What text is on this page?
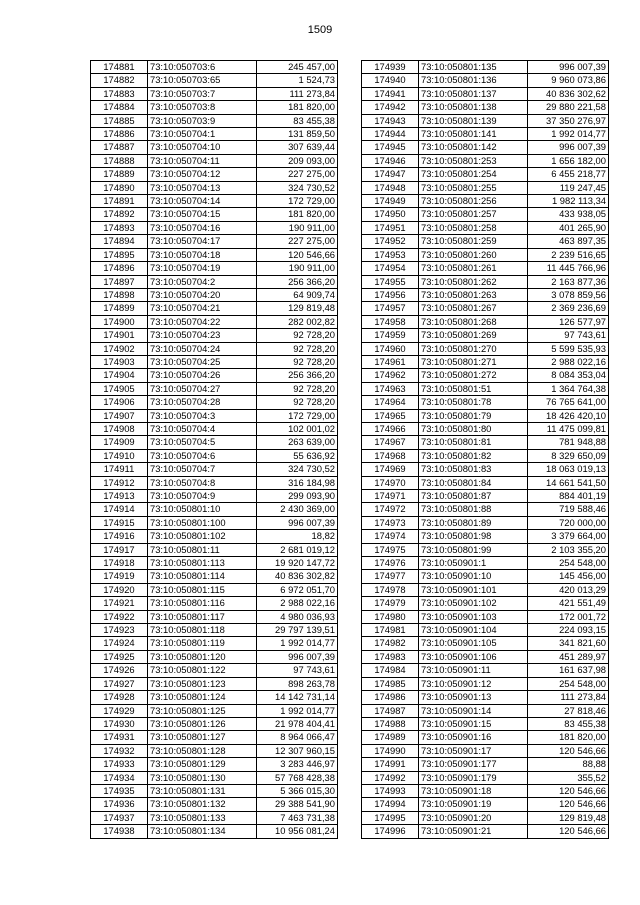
1509
174881	73:10:050703:6	245 457,00
174882	73:10:050703:65	1 524,73
174883	73:10:050703:7	111 273,84
174884	73:10:050703:8	181 820,00
174885	73:10:050703:9	83 455,38
174886	73:10:050704:1	131 859,50
174887	73:10:050704:10	307 639,44
174888	73:10:050704:11	209 093,00
174889	73:10:050704:12	227 275,00
174890	73:10:050704:13	324 730,52
174891	73:10:050704:14	172 729,00
174892	73:10:050704:15	181 820,00
174893	73:10:050704:16	190 911,00
174894	73:10:050704:17	227 275,00
174895	73:10:050704:18	120 546,66
174896	73:10:050704:19	190 911,00
174897	73:10:050704:2	256 366,20
174898	73:10:050704:20	64 909,74
174899	73:10:050704:21	129 819,48
174900	73:10:050704:22	282 002,82
174901	73:10:050704:23	92 728,20
174902	73:10:050704:24	92 728,20
174903	73:10:050704:25	92 728,20
174904	73:10:050704:26	256 366,20
174905	73:10:050704:27	92 728,20
174906	73:10:050704:28	92 728,20
174907	73:10:050704:3	172 729,00
174908	73:10:050704:4	102 001,02
174909	73:10:050704:5	263 639,00
174910	73:10:050704:6	55 636,92
174911	73:10:050704:7	324 730,52
174912	73:10:050704:8	316 184,98
174913	73:10:050704:9	299 093,90
174914	73:10:050801:10	2 430 369,00
174915	73:10:050801:100	996 007,39
174916	73:10:050801:102	18,82
174917	73:10:050801:11	2 681 019,12
174918	73:10:050801:113	19 920 147,72
174919	73:10:050801:114	40 836 302,82
174920	73:10:050801:115	6 972 051,70
174921	73:10:050801:116	2 988 022,16
174922	73:10:050801:117	4 980 036,93
174923	73:10:050801:118	29 797 139,51
174924	73:10:050801:119	1 992 014,77
174925	73:10:050801:120	996 007,39
174926	73:10:050801:122	97 743,61
174927	73:10:050801:123	898 263,78
174928	73:10:050801:124	14 142 731,14
174929	73:10:050801:125	1 992 014,77
174930	73:10:050801:126	21 978 404,41
174931	73:10:050801:127	8 964 066,47
174932	73:10:050801:128	12 307 960,15
174933	73:10:050801:129	3 283 446,97
174934	73:10:050801:130	57 768 428,38
174935	73:10:050801:131	5 366 015,30
174936	73:10:050801:132	29 388 541,90
174937	73:10:050801:133	7 463 731,38
174938	73:10:050801:134	10 956 081,24
174939	73:10:050801:135	996 007,39
174940	73:10:050801:136	9 960 073,86
174941	73:10:050801:137	40 836 302,62
174942	73:10:050801:138	29 880 221,58
174943	73:10:050801:139	37 350 276,97
174944	73:10:050801:141	1 992 014,77
174945	73:10:050801:142	996 007,39
174946	73:10:050801:253	1 656 182,00
174947	73:10:050801:254	6 455 218,77
174948	73:10:050801:255	119 247,45
174949	73:10:050801:256	1 982 113,34
174950	73:10:050801:257	433 938,05
174951	73:10:050801:258	401 265,90
174952	73:10:050801:259	463 897,35
174953	73:10:050801:260	2 239 516,65
174954	73:10:050801:261	11 445 766,96
174955	73:10:050801:262	2 163 877,36
174956	73:10:050801:263	3 078 859,56
174957	73:10:050801:267	2 369 236,69
174958	73:10:050801:268	126 577,97
174959	73:10:050801:269	97 743,61
174960	73:10:050801:270	5 599 535,93
174961	73:10:050801:271	2 988 022,16
174962	73:10:050801:272	8 084 353,04
174963	73:10:050801:51	1 364 764,38
174964	73:10:050801:78	76 765 641,00
174965	73:10:050801:79	18 426 420,10
174966	73:10:050801:80	11 475 099,81
174967	73:10:050801:81	781 948,88
174968	73:10:050801:82	8 329 650,09
174969	73:10:050801:83	18 063 019,13
174970	73:10:050801:84	14 661 541,50
174971	73:10:050801:87	884 401,19
174972	73:10:050801:88	719 588,46
174973	73:10:050801:89	720 000,00
174974	73:10:050801:98	3 379 664,00
174975	73:10:050801:99	2 103 355,20
174976	73:10:050901:1	254 548,00
174977	73:10:050901:10	145 456,00
174978	73:10:050901:101	420 013,29
174979	73:10:050901:102	421 551,49
174980	73:10:050901:103	172 001,72
174981	73:10:050901:104	224 093,15
174982	73:10:050901:105	341 821,60
174983	73:10:050901:106	451 289,97
174984	73:10:050901:11	161 637,98
174985	73:10:050901:12	254 548,00
174986	73:10:050901:13	111 273,84
174987	73:10:050901:14	27 818,46
174988	73:10:050901:15	83 455,38
174989	73:10:050901:16	181 820,00
174990	73:10:050901:17	120 546,66
174991	73:10:050901:177	88,88
174992	73:10:050901:179	355,52
174993	73:10:050901:18	120 546,66
174994	73:10:050901:19	120 546,66
174995	73:10:050901:20	129 819,48
174996	73:10:050901:21	120 546,66
